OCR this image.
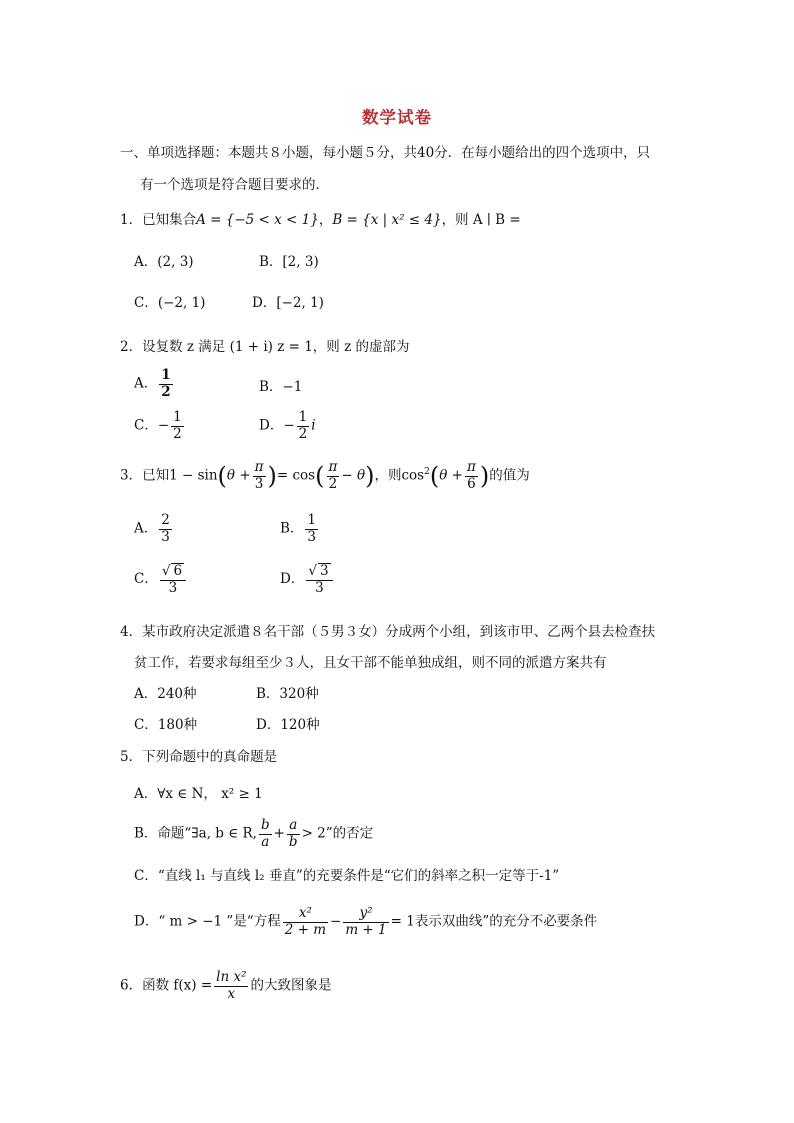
数学试卷
一、单项选择题：本题共８小题，每小题５分，共40分．在每小题给出的四个选项中，只
有一个选项是符合题目要求的．
1．已知集合A = {−5 < x < 1}，B = {x | x² ≤ 4}，则 A ∣ B =
A．(2, 3)	B．[2, 3)
C．(−2, 1)	D．[−2, 1)
2．设复数 z 满足 (1 + i) z = 1，则 z 的虚部为
A． $\frac{1}{2}$	B．−1
C．− $\frac{1}{2}$	D．− $\frac{1}{2}$ i
3．已知$1 - \sin(\theta + \frac{\pi}{3}$ )= $\cos( \frac{\pi}{2} - \theta)$，则$\cos^2(\theta + \frac{\pi}{6}$ )的值为
A． $\frac{2}{3}$	B． $\frac{1}{3}$
C． $\frac{√ 6}{3}$	D． $\frac{√ 3}{3}$
4．某市政府决定派遣８名干部（５男３女）分成两个小组，到该市甲、乙两个县去检查扶
贫工作，若要求每组至少３人，且女干部不能单独成组，则不同的派遣方案共有
A．240种	B．320种
C．180种	D．120种
5．下列命题中的真命题是
A．∀x ∈ N， x² ≥ 1
B．命题“∃a, b ∈ R, $\frac{b}{a} + \frac{a}{b} > 2$”的否定
C．“直线 l₁ 与直线 l₂ 垂直”的充要条件是“它们的斜率之积一定等于-1”
D．“ m > −1 ”是“方程 $\frac{\text{x²}}{2 + m} - \frac{\text{y²}}{m + 1} = 1$表示双曲线”的充分不必要条件
6．函数 $f(x) = \frac{\text{ln x²}}{x}$ 的大致图象是
